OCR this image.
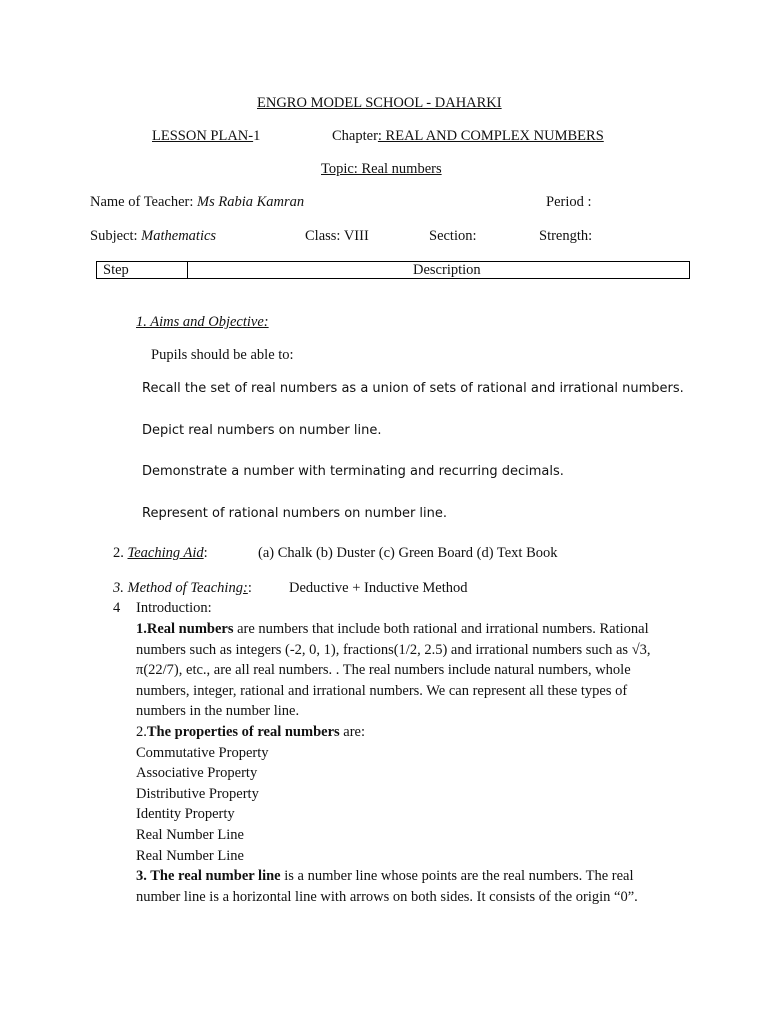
ENGRO MODEL SCHOOL - DAHARKI
LESSON PLAN-1	Chapter: REAL AND COMPLEX NUMBERS
Topic: Real numbers
Name of Teacher: Ms Rabia Kamran	Period :
Subject: Mathematics	Class: VIII	Section:	Strength:
Step	Description
1. Aims and Objective:
Pupils should be able to:
Recall the set of real numbers as a union of sets of rational and irrational numbers.
Depict real numbers on number line.
Demonstrate a number with terminating and recurring decimals.
Represent of rational numbers on number line.
2. Teaching Aid:	(a) Chalk (b) Duster (c) Green Board (d) Text Book
3. Method of Teaching::	Deductive + Inductive Method
4 Introduction:

1.Real numbers are numbers that include both rational and irrational numbers. Rational numbers such as integers (-2, 0, 1), fractions(1/2, 2.5) and irrational numbers such as √3, π(22/7), etc., are all real numbers. . The real numbers include natural numbers, whole numbers, integer, rational and irrational numbers. We can represent all these types of numbers in the number line.

2.The properties of real numbers are:

Commutative Property

Associative Property

Distributive Property

Identity Property

Real Number Line

Real Number Line

3. The real number line is a number line whose points are the real numbers. The real number line is a horizontal line with arrows on both sides. It consists of the origin “0”.
